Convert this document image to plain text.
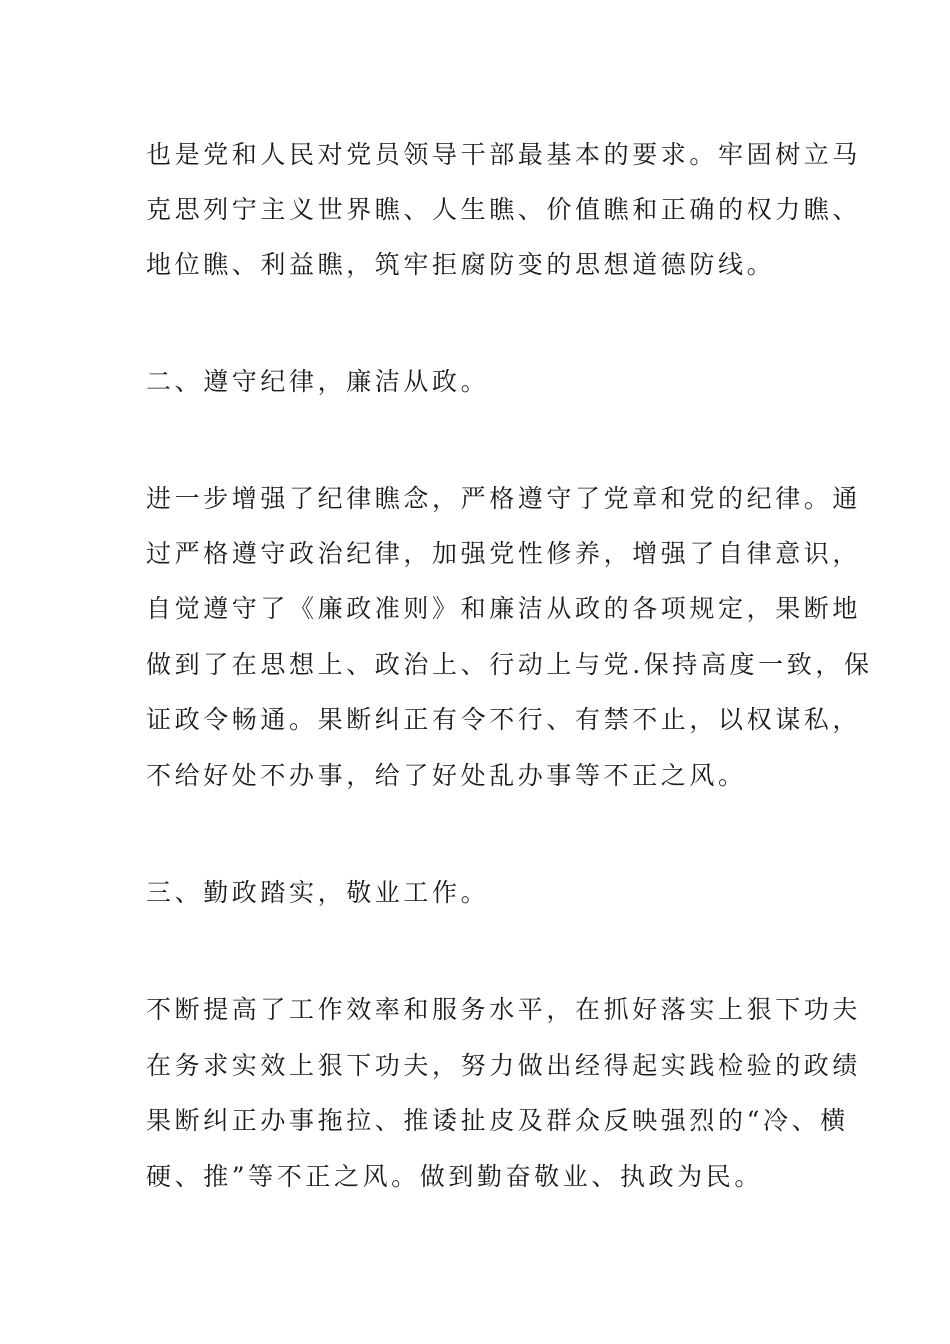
也是党和人民对党员领导干部最基本的要求。牢固树立马
克思列宁主义世界瞧、人生瞧、价值瞧和正确的权力瞧、
地位瞧、利益瞧，筑牢拒腐防变的思想道德防线。
二、遵守纪律，廉洁从政。
进一步增强了纪律瞧念，严格遵守了党章和党的纪律。通
过严格遵守政治纪律，加强党性修养，增强了自律意识，
自觉遵守了《廉政准则》和廉洁从政的各项规定，果断地
做到了在思想上、政治上、行动上与党.保持高度一致，保
证政令畅通。果断纠正有令不行、有禁不止，以权谋私，
不给好处不办事，给了好处乱办事等不正之风。
三、勤政踏实，敬业工作。
不断提高了工作效率和服务水平，在抓好落实上狠下功夫
在务求实效上狠下功夫，努力做出经得起实践检验的政绩
果断纠正办事拖拉、推诿扯皮及群众反映强烈的“冷、横
硬、推”等不正之风。做到勤奋敬业、执政为民。
